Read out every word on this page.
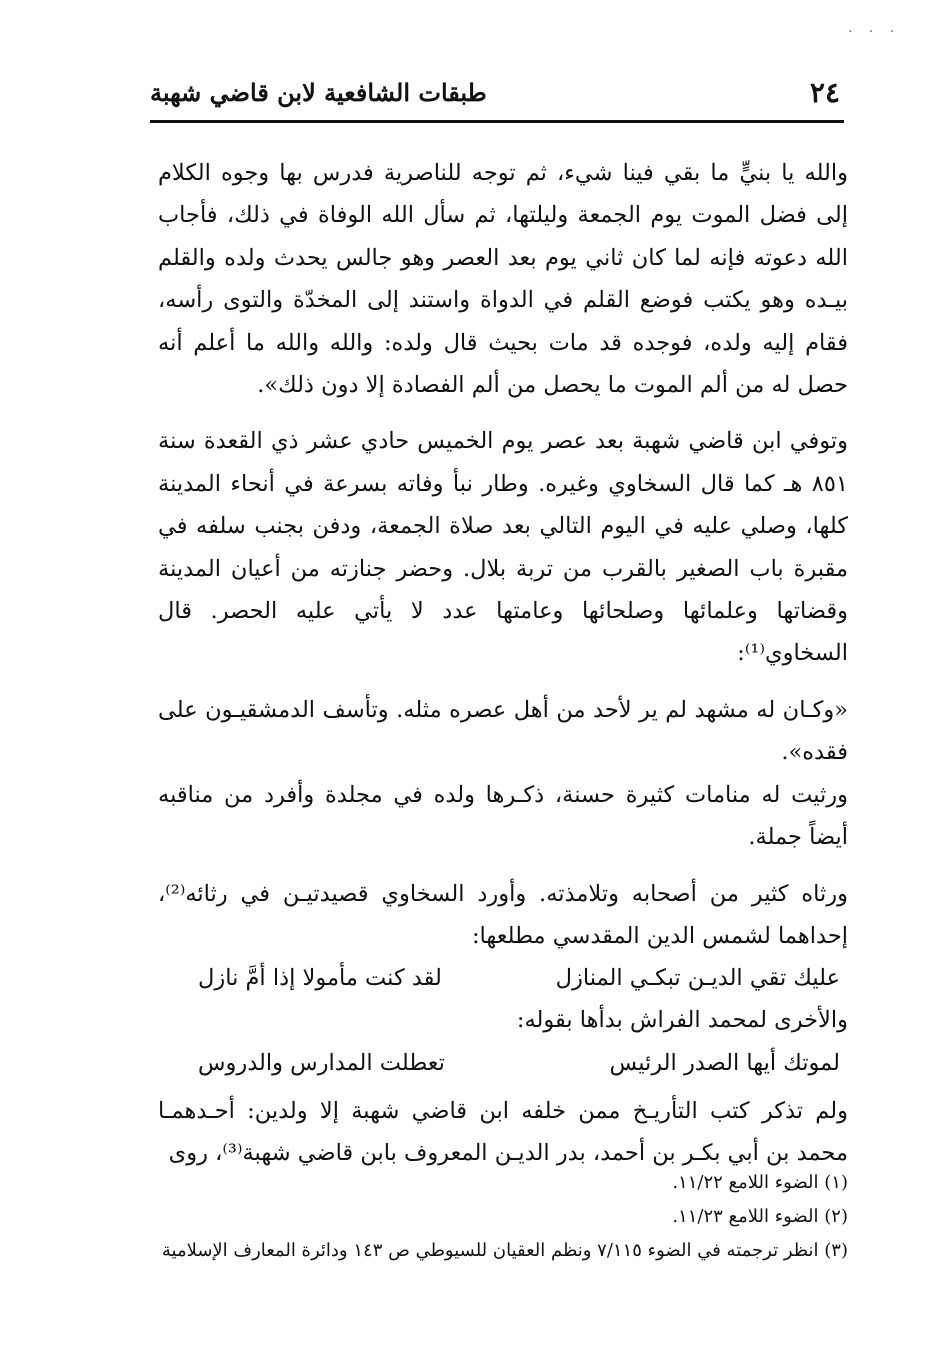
· · ·
٢٤
طبقات الشافعية لابن قاضي شهبة

والله يا بنيٍّ ما بقي فينا شيء، ثم توجه للناصرية فدرس بها وجوه الكلام إلى فضل الموت يوم الجمعة وليلتها، ثم سأل الله الوفاة في ذلك، فأجاب الله دعوته فإنه لما كان ثاني يوم بعد العصر وهو جالس يحدث ولده والقلم بيـده وهو يكتب فوضع القلم في الدواة واستند إلى المخدّة والتوى رأسه، فقام إليه ولده، فوجده قد مات بحيث قال ولده: والله والله ما أعلم أنه حصل له من ألم الموت ما يحصل من ألم الفصادة إلا دون ذلك».

وتوفي ابن قاضي شهبة بعد عصر يوم الخميس حادي عشر ذي القعدة سنة ٨٥١ هـ كما قال السخاوي وغيره. وطار نبأ وفاته بسرعة في أنحاء المدينة كلها، وصلي عليه في اليوم التالي بعد صلاة الجمعة، ودفن بجنب سلفه في مقبرة باب الصغير بالقرب من تربة بلال. وحضر جنازته من أعيان المدينة وقضاتها وعلمائها وصلحائها وعامتها عدد لا يأتي عليه الحصر. قال السخاوي⁽¹⁾:

«وكـان له مشهد لم ير لأحد من أهل عصره مثله. وتأسف الدمشقيـون على فقده».

ورثيت له منامات كثيرة حسنة، ذكـرها ولده في مجلدة وأفرد من مناقبه أيضاً جملة.

ورثاه كثير من أصحابه وتلامذته. وأورد السخاوي قصيدتيـن في رثائه⁽²⁾، إحداهما لشمس الدين المقدسي مطلعها:

عليك تقي الديـن تبكـي المنازل
لقد كنت مأمولا إذا أمَّ نازل

والأخرى لمحمد الفراش بدأها بقوله:

لموتك أيها الصدر الرئيس
تعطلت المدارس والدروس

ولم تذكر كتب التأريـخ ممن خلفه ابن قاضي شهبة إلا ولدين: أحـدهمـا محمد بن أبي بكـر بن أحمد، بدر الديـن المعروف بابن قاضي شهبة⁽³⁾، روى

(١) الضوء اللامع ١١/٢٢.

(٢) الضوء اللامع ١١/٢٣.

(٣) انظر ترجمته في الضوء ٧/١١٥ ونظم العقيان للسيوطي ص ١٤٣ ودائرة المعارف الإسلامية
